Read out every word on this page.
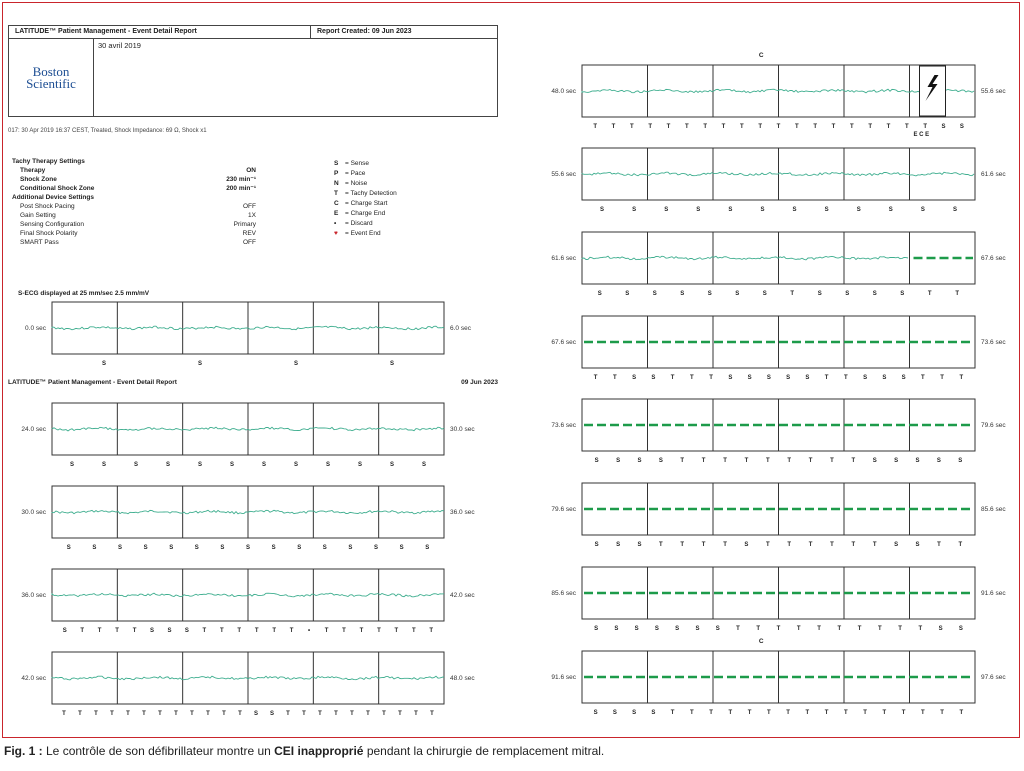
LATITUDE™ Patient Management - Event Detail Report	Report Created: 09 Jun 2023
Boston
Scientific
30 avril 2019
017: 30 Apr 2019 16:37 CEST, Treated, Shock Impedance: 69 Ω, Shock x1
Tachy Therapy Settings
Therapy	ON
Shock Zone	230 min⁻¹
Conditional Shock Zone	200 min⁻¹
Additional Device Settings
Post Shock Pacing	OFF
Gain Setting	1X
Sensing Configuration	Primary
Final Shock Polarity	REV
SMART Pass	OFF
S = Sense
P = Pace
N = Noise
T = Tachy Detection
C = Charge Start
E = Charge End
• = Discard
♥ = Event End
S-ECG displayed at 25 mm/sec 2.5 mm/mV
LATITUDE™ Patient Management - Event Detail Report	09 Jun 2023
0.0 sec	6.0 sec
S	S	S	S
24.0 sec	30.0 sec
S	S	S	S	S	S	S	S	S	S	S	S
30.0 sec	36.0 sec
S	S	S	S	S	S	S	S	S	S	S	S	S	S	S
36.0 sec	42.0 sec
S T T T T S S S T T T T T T • T T T T T T T
42.0 sec	48.0 sec
T T T T T T T T T T T T S S T T T T T T T T T T
48.0 sec	55.6 sec
E C E
C
T T T T T T T T T T T T T T T T T T T S S
55.6 sec	61.6 sec
S	S	S	S	S	S	S	S	S	S	S	S
61.6 sec	67.6 sec
S	S	S	S	S	S	S	T	S	S	S	S	T	T
67.6 sec	73.6 sec
T	T	S	S	T	T	T	S	S	S	S	S	T	T	S	S	S	T	T	T
73.6 sec	79.6 sec
S	S	S	S	T	T	T	T	T	T	T	T	T	S	S	S	S	S
79.6 sec	85.6 sec
S	S	S	T	T	T	T	S	T	T	T	T	T	T	S	S	T	T
85.6 sec	91.6 sec
S	S	S	S	S	S	S	T	T	T	T	T	T	T	T	T	T	S	S
91.6 sec	97.6 sec
C
S	S	S	S	T	T	T	T	T	T	T	T	T	T	T	T	T	T	T	T
Fig. 1 : Le contrôle de son défibrillateur montre un CEI inapproprié pendant la chirurgie de remplacement mitral.
